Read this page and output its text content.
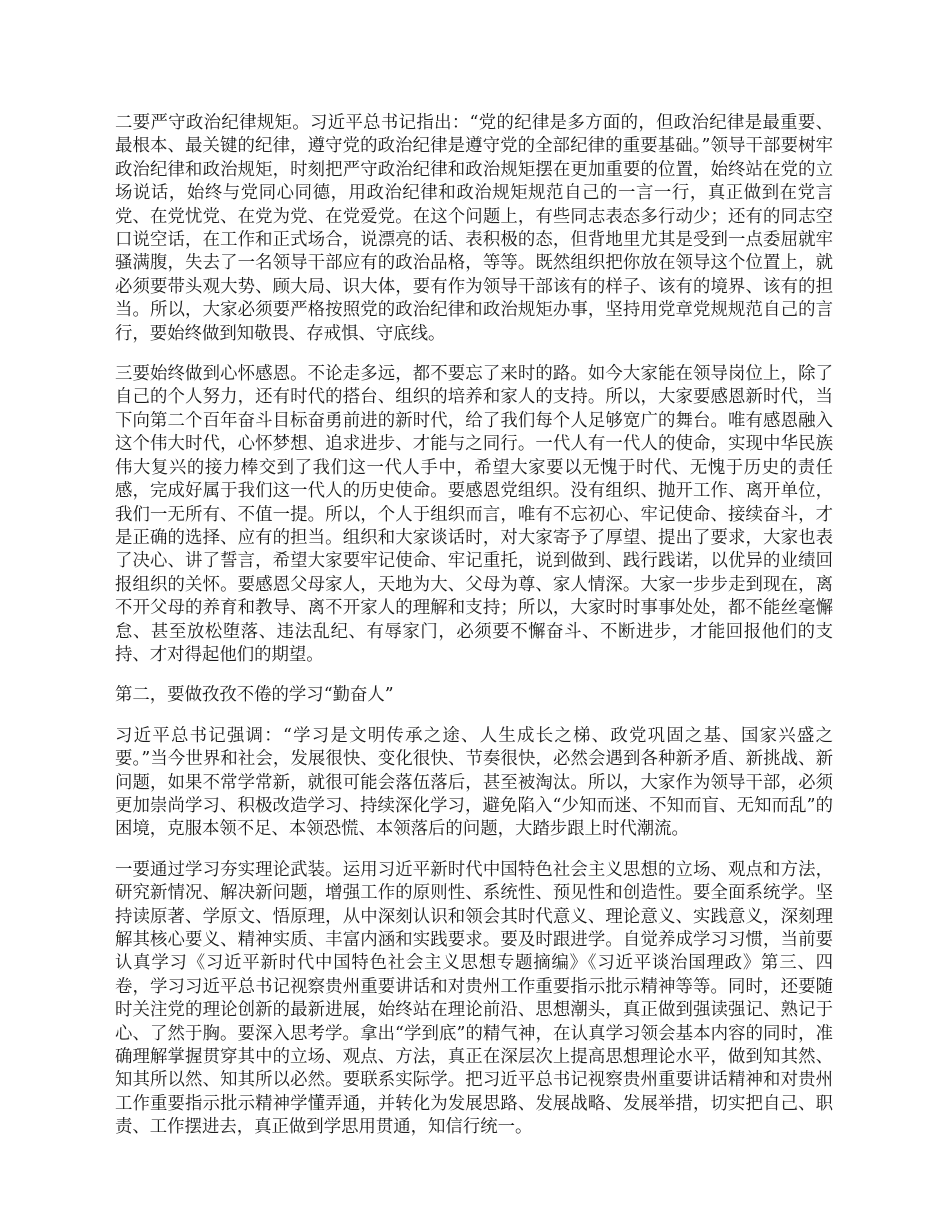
二要严守政治纪律规矩。习近平总书记指出：“党的纪律是多方面的，但政治纪律是最重要、最根本、最关键的纪律，遵守党的政治纪律是遵守党的全部纪律的重要基础。”领导干部要树牢政治纪律和政治规矩，时刻把严守政治纪律和政治规矩摆在更加重要的位置，始终站在党的立场说话，始终与党同心同德，用政治纪律和政治规矩规范自己的一言一行，真正做到在党言党、在党忧党、在党为党、在党爱党。在这个问题上，有些同志表态多行动少；还有的同志空口说空话，在工作和正式场合，说漂亮的话、表积极的态，但背地里尤其是受到一点委屈就牢骚满腹，失去了一名领导干部应有的政治品格，等等。既然组织把你放在领导这个位置上，就必须要带头观大势、顾大局、识大体，要有作为领导干部该有的样子、该有的境界、该有的担当。所以，大家必须要严格按照党的政治纪律和政治规矩办事，坚持用党章党规规范自己的言行，要始终做到知敬畏、存戒惧、守底线。

三要始终做到心怀感恩。不论走多远，都不要忘了来时的路。如今大家能在领导岗位上，除了自己的个人努力，还有时代的搭台、组织的培养和家人的支持。所以，大家要感恩新时代，当下向第二个百年奋斗目标奋勇前进的新时代，给了我们每个人足够宽广的舞台。唯有感恩融入这个伟大时代，心怀梦想、追求进步、才能与之同行。一代人有一代人的使命，实现中华民族伟大复兴的接力棒交到了我们这一代人手中，希望大家要以无愧于时代、无愧于历史的责任感，完成好属于我们这一代人的历史使命。要感恩党组织。没有组织、抛开工作、离开单位，我们一无所有、不值一提。所以，个人于组织而言，唯有不忘初心、牢记使命、接续奋斗，才是正确的选择、应有的担当。组织和大家谈话时，对大家寄予了厚望、提出了要求，大家也表了决心、讲了誓言，希望大家要牢记使命、牢记重托，说到做到、践行践诺，以优异的业绩回报组织的关怀。要感恩父母家人，天地为大、父母为尊、家人情深。大家一步步走到现在，离不开父母的养育和教导、离不开家人的理解和支持；所以，大家时时事事处处，都不能丝毫懈怠、甚至放松堕落、违法乱纪、有辱家门，必须要不懈奋斗、不断进步，才能回报他们的支持、才对得起他们的期望。

第二，要做孜孜不倦的学习“勤奋人”

习近平总书记强调：“学习是文明传承之途、人生成长之梯、政党巩固之基、国家兴盛之要。”当今世界和社会，发展很快、变化很快、节奏很快，必然会遇到各种新矛盾、新挑战、新问题，如果不常学常新，就很可能会落伍落后，甚至被淘汰。所以，大家作为领导干部，必须更加崇尚学习、积极改造学习、持续深化学习，避免陷入“少知而迷、不知而盲、无知而乱”的困境，克服本领不足、本领恐慌、本领落后的问题，大踏步跟上时代潮流。

一要通过学习夯实理论武装。运用习近平新时代中国特色社会主义思想的立场、观点和方法，研究新情况、解决新问题，增强工作的原则性、系统性、预见性和创造性。要全面系统学。坚持读原著、学原文、悟原理，从中深刻认识和领会其时代意义、理论意义、实践意义，深刻理解其核心要义、精神实质、丰富内涵和实践要求。要及时跟进学。自觉养成学习习惯，当前要认真学习《习近平新时代中国特色社会主义思想专题摘编》《习近平谈治国理政》第三、四卷，学习习近平总书记视察贵州重要讲话和对贵州工作重要指示批示精神等等。同时，还要随时关注党的理论创新的最新进展，始终站在理论前沿、思想潮头，真正做到强读强记、熟记于心、了然于胸。要深入思考学。拿出“学到底”的精气神，在认真学习领会基本内容的同时，准确理解掌握贯穿其中的立场、观点、方法，真正在深层次上提高思想理论水平，做到知其然、知其所以然、知其所以必然。要联系实际学。把习近平总书记视察贵州重要讲话精神和对贵州工作重要指示批示精神学懂弄通，并转化为发展思路、发展战略、发展举措，切实把自己、职责、工作摆进去，真正做到学思用贯通，知信行统一。
